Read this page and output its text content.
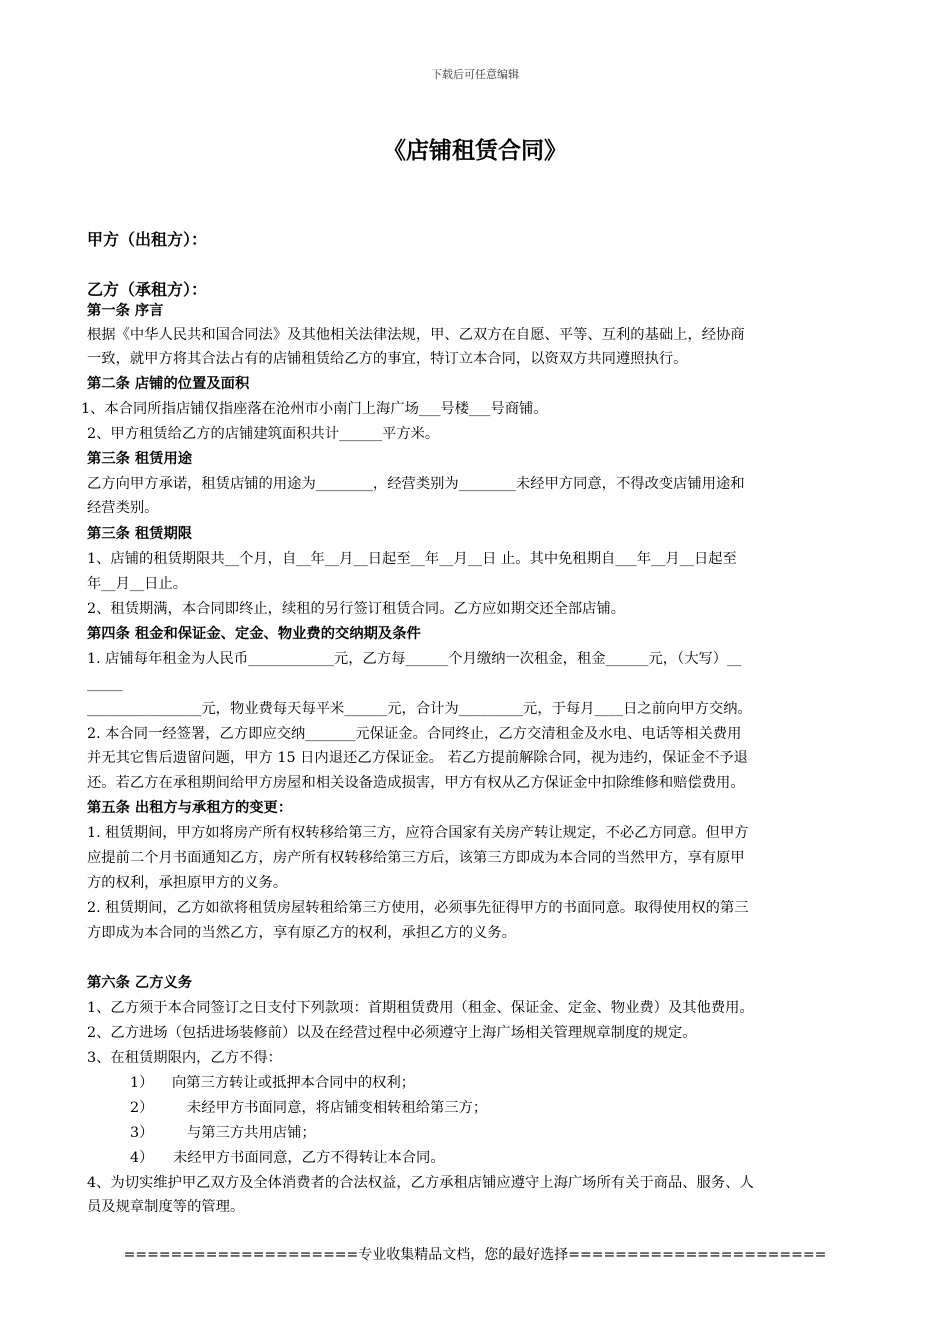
下载后可任意编辑
《店铺租赁合同》
甲方（出租方）：
乙方（承租方）：
第一条 序言
根据《中华人民共和国合同法》及其他相关法律法规，甲、乙双方在自愿、平等、互利的基础上，经协商
一致，就甲方将其合法占有的店铺租赁给乙方的事宜，特订立本合同，以资双方共同遵照执行。
第二条 店铺的位置及面积
1、本合同所指店铺仅指座落在沧州市小南门上海广场___号楼___号商铺。
2、甲方租赁给乙方的店铺建筑面积共计______平方米。
第三条 租赁用途
乙方向甲方承诺，租赁店铺的用途为________，经营类别为________未经甲方同意，不得改变店铺用途和
经营类别。
第三条 租赁期限
1、店铺的租赁期限共__个月，自__年__月__日起至__年__月__日 止。其中免租期自___年__月__日起至
年__月__日止。
2、租赁期满，本合同即终止，续租的另行签订租赁合同。乙方应如期交还全部店铺。
第四条 租金和保证金、定金、物业费的交纳期及条件
1. 店铺每年租金为人民币____________元，乙方每______个月缴纳一次租金，租金______元，（大写）__
_____
________________元，物业费每天每平米______元，合计为_________元，于每月____日之前向甲方交纳。
2. 本合同一经签署，乙方即应交纳_______元保证金。合同终止，乙方交清租金及水电、电话等相关费用
并无其它售后遗留问题，甲方 15 日内退还乙方保证金。 若乙方提前解除合同，视为违约，保证金不予退
还。若乙方在承租期间给甲方房屋和相关设备造成损害，甲方有权从乙方保证金中扣除维修和赔偿费用。
第五条 出租方与承租方的变更：
1. 租赁期间，甲方如将房产所有权转移给第三方，应符合国家有关房产转让规定，不必乙方同意。但甲方
应提前二个月书面通知乙方，房产所有权转移给第三方后，该第三方即成为本合同的当然甲方，享有原甲
方的权利，承担原甲方的义务。
2. 租赁期间，乙方如欲将租赁房屋转租给第三方使用，必须事先征得甲方的书面同意。取得使用权的第三
方即成为本合同的当然乙方，享有原乙方的权利，承担乙方的义务。
第六条 乙方义务
1、乙方须于本合同签订之日支付下列款项：首期租赁费用（租金、保证金、定金、物业费）及其他费用。
2、乙方进场（包括进场装修前）以及在经营过程中必须遵守上海广场相关管理规章制度的规定。
3、在租赁期限内，乙方不得：
1） 向第三方转让或抵押本合同中的权利；
2） 未经甲方书面同意，将店铺变相转租给第三方；
3） 与第三方共用店铺；
4） 未经甲方书面同意，乙方不得转让本合同。
4、为切实维护甲乙双方及全体消费者的合法权益，乙方承租店铺应遵守上海广场所有关于商品、服务、人
员及规章制度等的管理。
====================专业收集精品文档，您的最好选择======================
